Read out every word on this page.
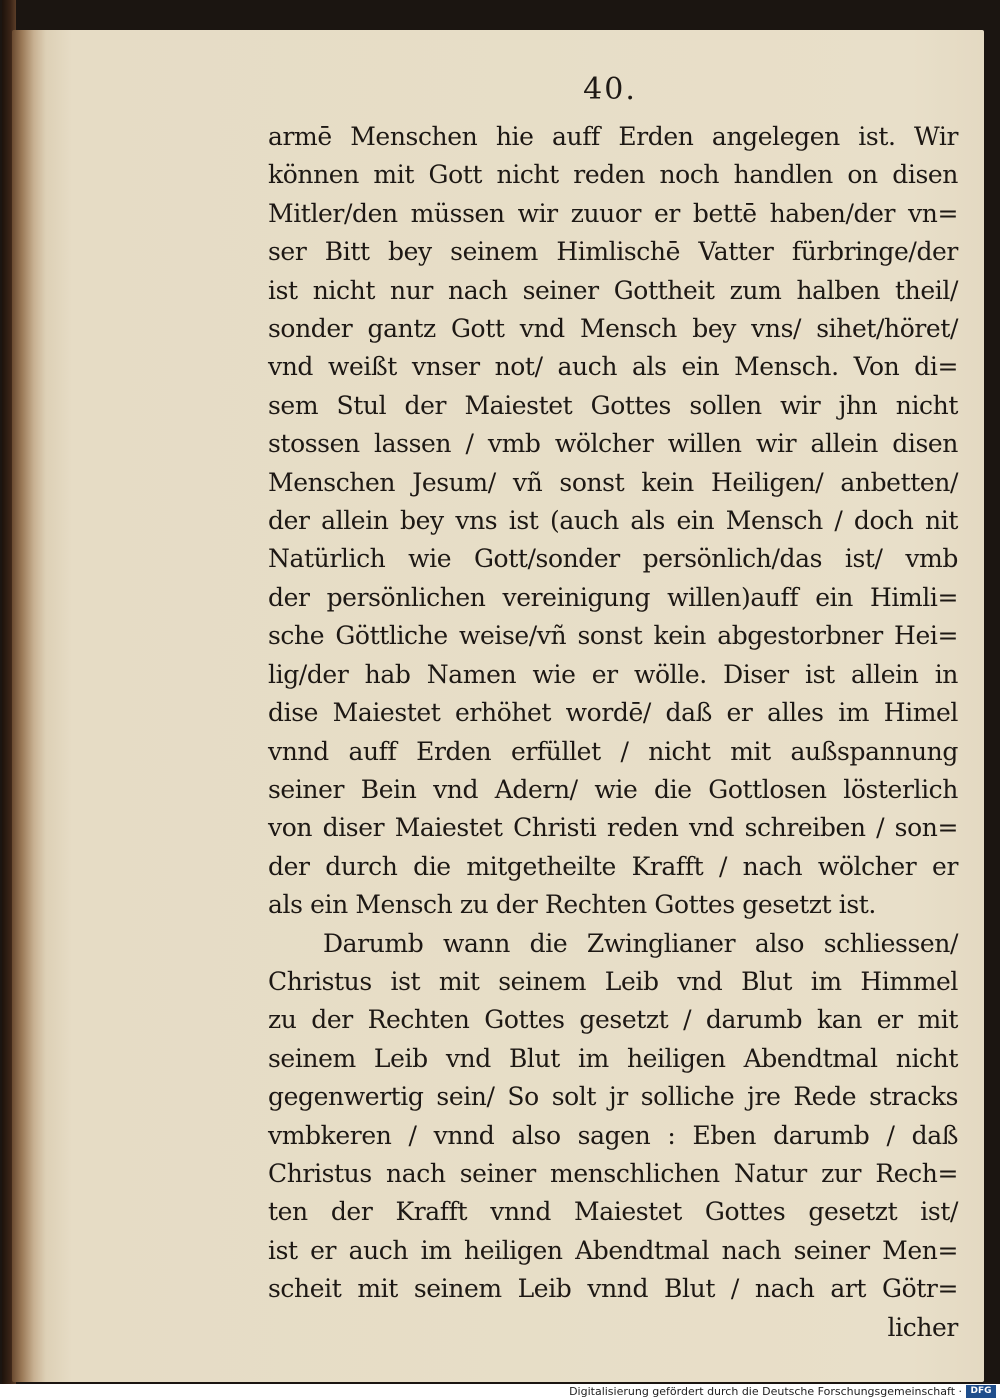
40.
armē Menschen hie auff Erden angelegen ist. Wir
können mit Gott nicht reden noch handlen on disen
Mitler/den müssen wir zuuor er bettē haben/der vn=
ser Bitt bey seinem Himlischē Vatter fürbringe/der
ist nicht nur nach seiner Gottheit zum halben theil/
sonder gantz Gott vnd Mensch bey vns/ sihet/höret/
vnd weißt vnser not/ auch als ein Mensch. Von di=
sem Stul der Maiestet Gottes sollen wir jhn nicht
stossen lassen / vmb wölcher willen wir allein disen
Menschen Jesum/ vñ sonst kein Heiligen/ anbetten/
der allein bey vns ist (auch als ein Mensch / doch nit
Natürlich wie Gott/sonder persönlich/das ist/ vmb
der persönlichen vereinigung willen)auff ein Himli=
sche Göttliche weise/vñ sonst kein abgestorbner Hei=
lig/der hab Namen wie er wölle. Diser ist allein in
dise Maiestet erhöhet wordē/ daß er alles im Himel
vnnd auff Erden erfüllet / nicht mit außspannung
seiner Bein vnd Adern/ wie die Gottlosen lösterlich
von diser Maiestet Christi reden vnd schreiben / son=
der durch die mitgetheilte Krafft / nach wölcher er
als ein Mensch zu der Rechten Gottes gesetzt ist.
Darumb wann die Zwinglianer also schliessen/
Christus ist mit seinem Leib vnd Blut im Himmel
zu der Rechten Gottes gesetzt / darumb kan er mit
seinem Leib vnd Blut im heiligen Abendtmal nicht
gegenwertig sein/ So solt jr solliche jre Rede stracks
vmbkeren / vnnd also sagen : Eben darumb / daß
Christus nach seiner menschlichen Natur zur Rech=
ten der Krafft vnnd Maiestet Gottes gesetzt ist/
ist er auch im heiligen Abendtmal nach seiner Men=
scheit mit seinem Leib vnnd Blut / nach art Götr=
licher
Digitalisierung gefördert durch die Deutsche Forschungsgemeinschaft · DFG
